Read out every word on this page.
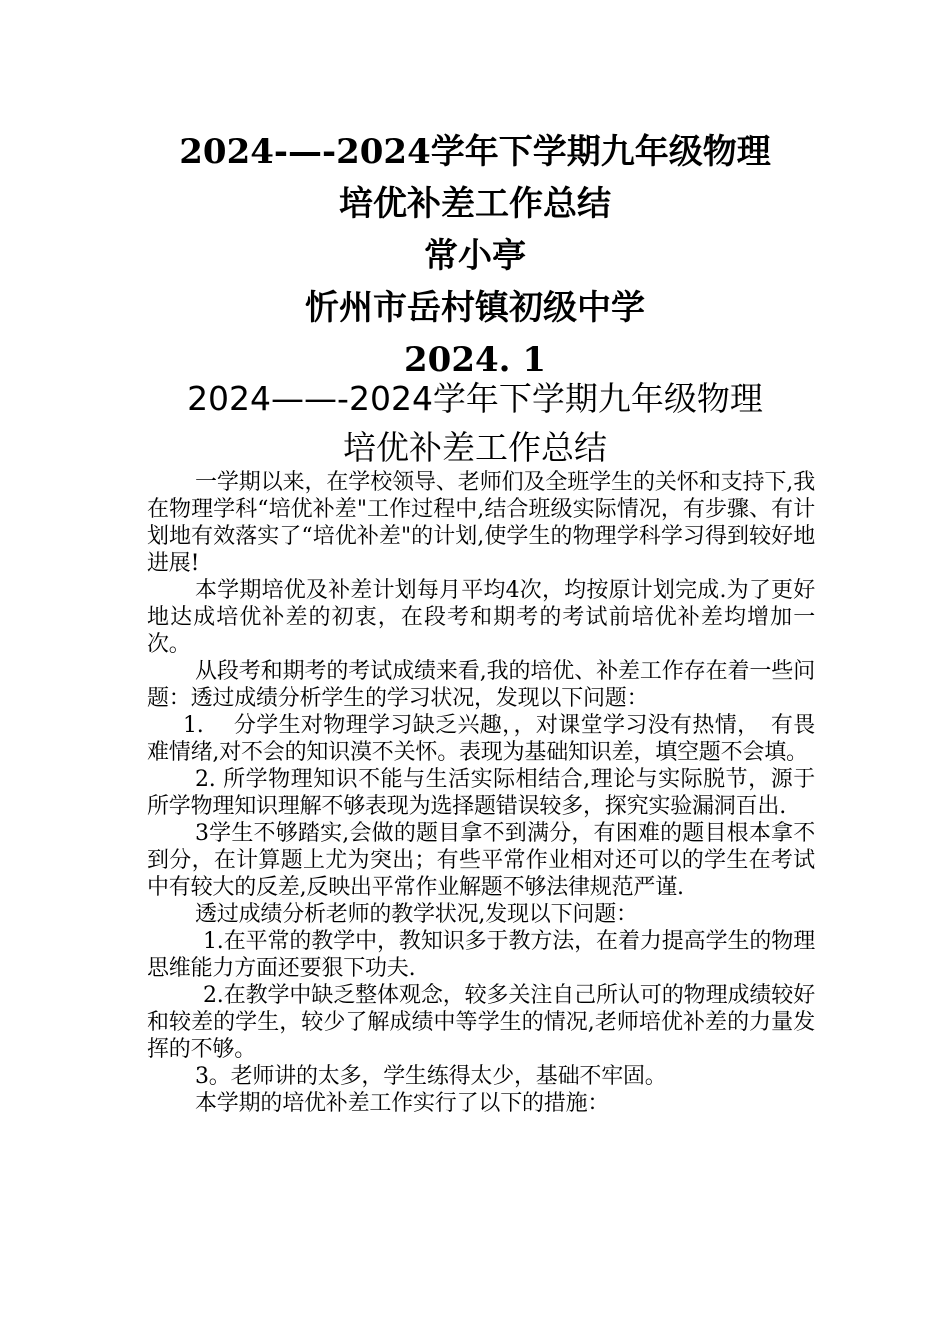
2024-—-2024学年下学期九年级物理
培优补差工作总结
常小亭
忻州市岳村镇初级中学
2024. 1
2024——-2024学年下学期九年级物理
培优补差工作总结

一学期以来，在学校领导、老师们及全班学生的关怀和支持下,我在物理学科“培优补差"工作过程中,结合班级实际情况，有步骤、有计划地有效落实了“培优补差"的计划,使学生的物理学科学习得到较好地进展!

本学期培优及补差计划每月平均4次，均按原计划完成.为了更好地达成培优补差的初衷，在段考和期考的考试前培优补差均增加一次。

从段考和期考的考试成绩来看,我的培优、补差工作存在着一些问题：透过成绩分析学生的学习状况，发现以下问题：

1.　 分学生对物理学习缺乏兴趣，，对课堂学习没有热情，　有畏难情绪,对不会的知识漠不关怀。表现为基础知识差，填空题不会填。

2. 所学物理知识不能与生活实际相结合,理论与实际脱节，源于所学物理知识理解不够表现为选择题错误较多，探究实验漏洞百出.

3学生不够踏实,会做的题目拿不到满分，有困难的题目根本拿不到分，在计算题上尤为突出；有些平常作业相对还可以的学生在考试中有较大的反差,反映出平常作业解题不够法律规范严谨.

透过成绩分析老师的教学状况,发现以下问题：

1.在平常的教学中，教知识多于教方法，在着力提高学生的物理思维能力方面还要狠下功夫.

2.在教学中缺乏整体观念，较多关注自己所认可的物理成绩较好和较差的学生，较少了解成绩中等学生的情况,老师培优补差的力量发挥的不够。

3。老师讲的太多，学生练得太少，基础不牢固。

本学期的培优补差工作实行了以下的措施：
